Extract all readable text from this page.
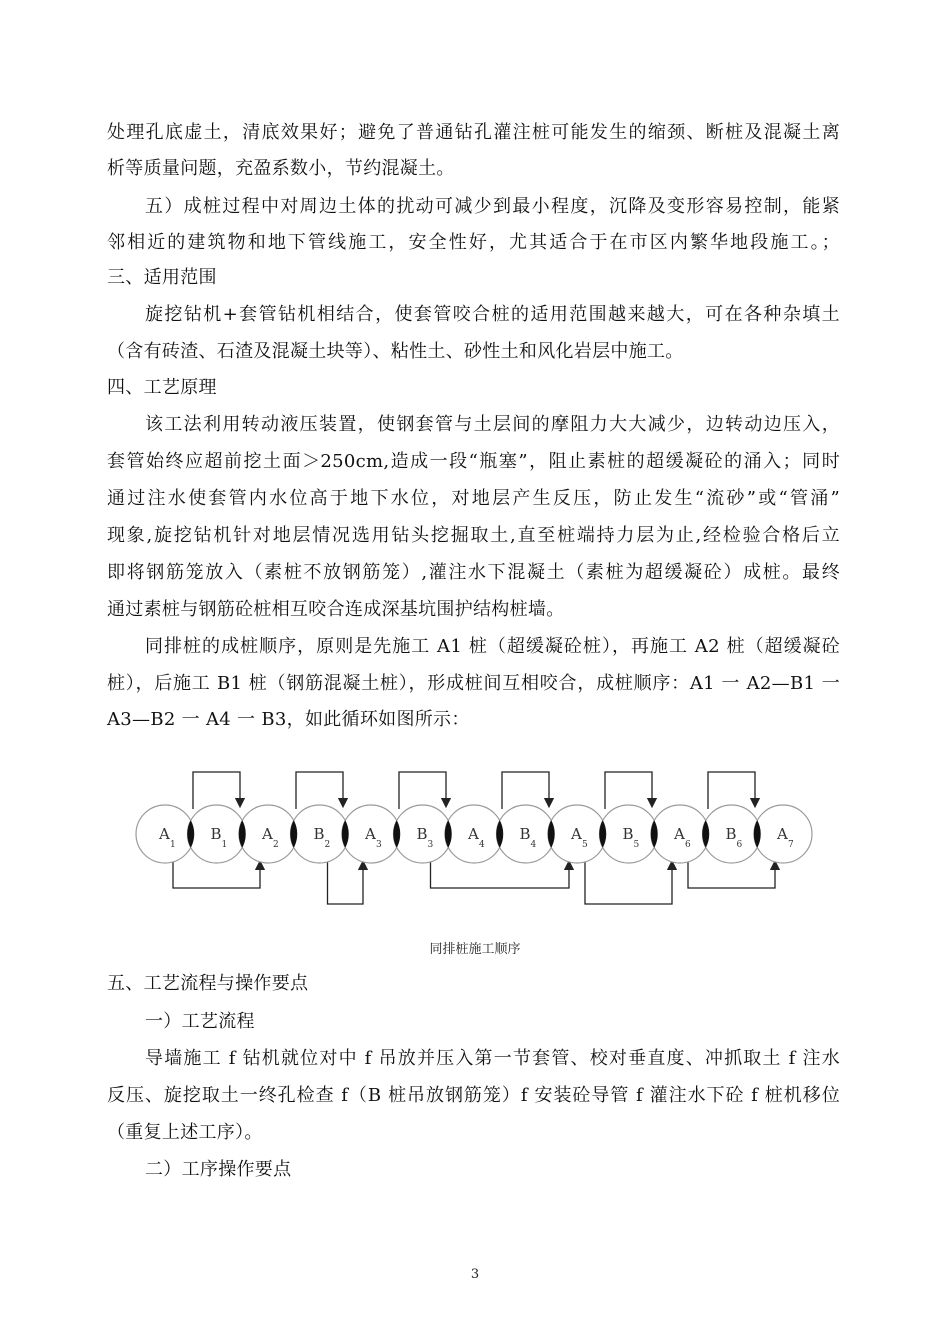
处理孔底虚土，清底效果好；避免了普通钻孔灌注桩可能发生的缩颈、断桩及混凝土离
析等质量问题，充盈系数小，节约混凝土。
五）成桩过程中对周边土体的扰动可减少到最小程度，沉降及变形容易控制，能紧
邻相近的建筑物和地下管线施工，安全性好，尤其适合于在市区内繁华地段施工。；
三、适用范围
旋挖钻机+套管钻机相结合，使套管咬合桩的适用范围越来越大，可在各种杂填土
（含有砖渣、石渣及混凝土块等）、粘性土、砂性土和风化岩层中施工。
四、工艺原理
该工法利用转动液压装置，使钢套管与土层间的摩阻力大大减少，边转动边压入，
套管始终应超前挖土面＞250cm,造成一段“瓶塞”，阻止素桩的超缓凝砼的涌入；同时
通过注水使套管内水位高于地下水位，对地层产生反压，防止发生“流砂”或“管涌”
现象,旋挖钻机针对地层情况选用钻头挖掘取土,直至桩端持力层为止,经检验合格后立
即将钢筋笼放入（素桩不放钢筋笼）,灌注水下混凝土（素桩为超缓凝砼）成桩。最终
通过素桩与钢筋砼桩相互咬合连成深基坑围护结构桩墙。
同排桩的成桩顺序，原则是先施工 A1 桩（超缓凝砼桩），再施工 A2 桩（超缓凝砼
桩），后施工 B1 桩（钢筋混凝土桩），形成桩间互相咬合，成桩顺序：A1 一 A2—B1 一
A3—B2 一 A4 一 B3，如此循环如图所示：
A
1
B
1
A
2
B
2
A
3
B
3
A
4
B
4
A
5
B
5
A
6
B
6
A
7
同排桩施工顺序
五、工艺流程与操作要点
一）工艺流程
导墙施工 f 钻机就位对中 f 吊放并压入第一节套管、校对垂直度、冲抓取土 f 注水
反压、旋挖取土一终孔检查 f（B 桩吊放钢筋笼）f 安装砼导管 f 灌注水下砼 f 桩机移位
（重复上述工序）。
二）工序操作要点
3
